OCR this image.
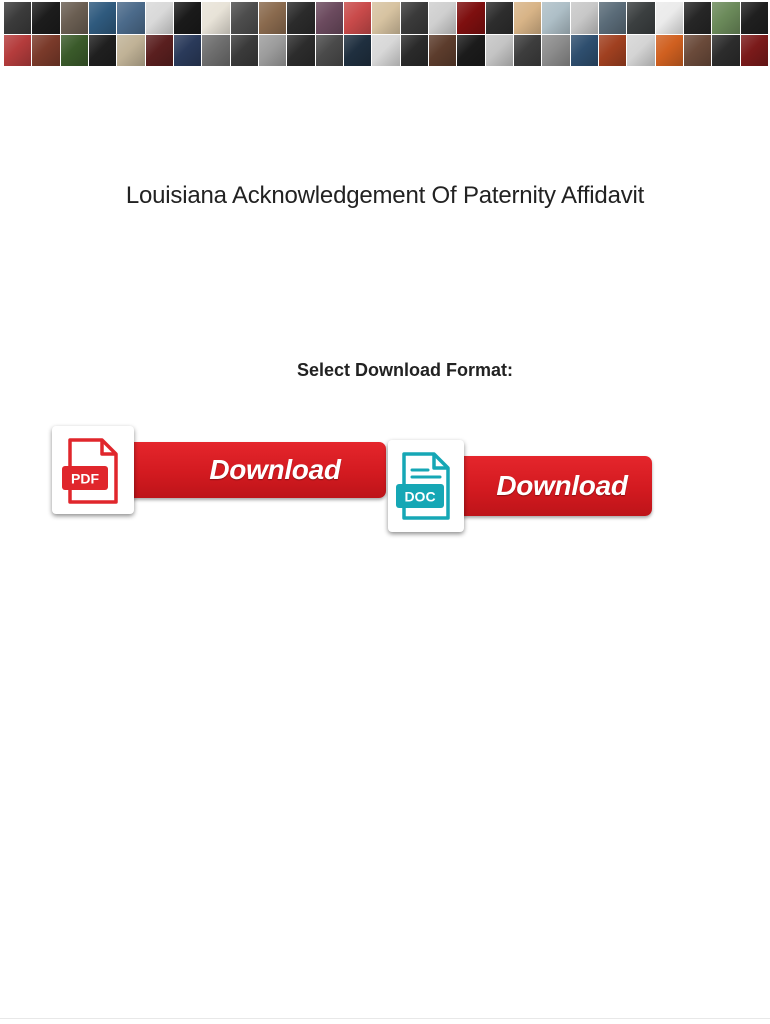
Louisiana Acknowledgement Of Paternity Affidavit
Select Download Format:
Download
PDF	Download
DOC
